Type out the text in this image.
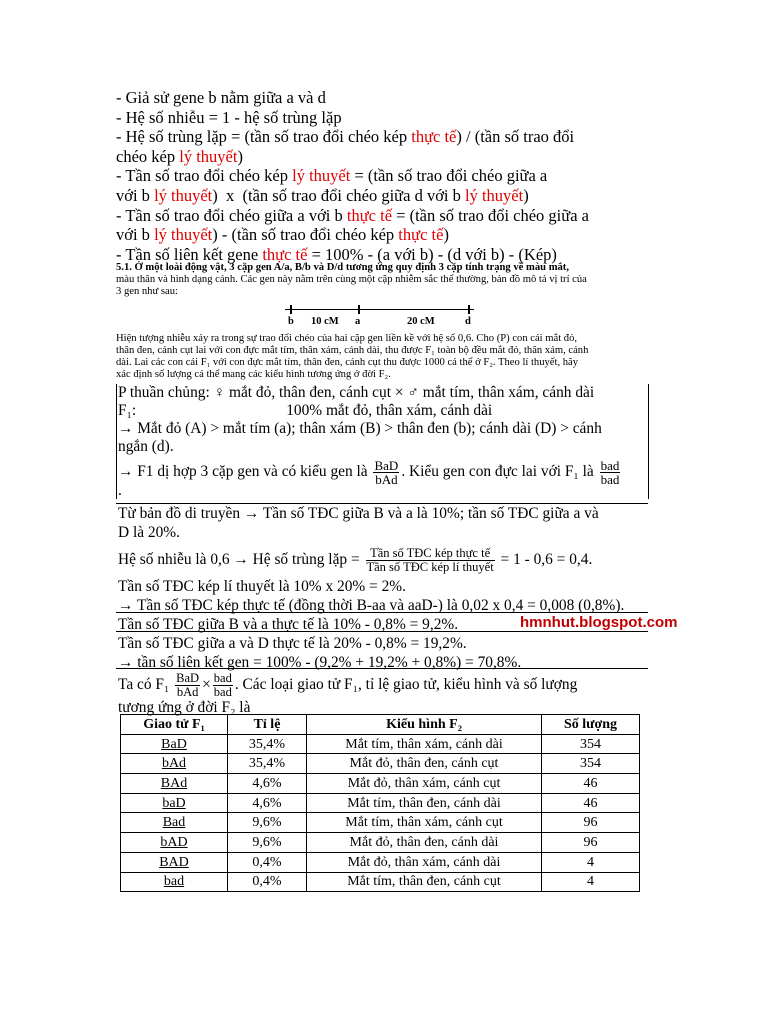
- Giả sử gene b nằm giữa a và d
- Hệ số nhiễu = 1 - hệ số trùng lặp
- Hệ số trùng lặp = (tần số trao đổi chéo kép thực tế) / (tần số trao đổi
chéo kép lý thuyết)
- Tần số trao đổi chéo kép lý thuyết = (tần số trao đổi chéo giữa a
với b lý thuyết)  x  (tần số trao đổi chéo giữa d với b lý thuyết)
- Tần số trao đổi chéo giữa a với b thực tế = (tần số trao đổi chéo giữa a
với b lý thuyết) - (tần số trao đổi chéo kép thực tế)
- Tần số liên kết gene thực tế = 100% - (a với b) - (d với b) - (Kép)
5.1. Ở một loài động vật, 3 cặp gen A/a, B/b và D/d tương ứng quy định 3 cặp tính trạng về màu mắt,
màu thân và hình dạng cánh. Các gen này nằm trên cùng một cặp nhiễm sắc thể thường, bản đồ mô tả vị trí của
3 gen như sau:
b 10 cM a	20 cM	d
Hiện tượng nhiễu xảy ra trong sự trao đổi chéo của hai cặp gen liền kề với hệ số 0,6. Cho (P) con cái mắt đỏ,
thân đen, cánh cụt lai với con đực mắt tím, thân xám, cánh dài, thu được F₁ toàn bộ đều mắt đỏ, thân xám, cánh
dài. Lai các con cái F₁ với con đực mắt tím, thân đen, cánh cụt thu được 1000 cá thể ở F₂. Theo lí thuyết, hãy
xác định số lượng cá thể mang các kiểu hình tương ứng ở đời F₂.
P thuần chủng: ♀ mắt đỏ, thân đen, cánh cụt × ♂ mắt tím, thân xám, cánh dài
F₁:	100% mắt đỏ, thân xám, cánh dài
→ Mắt đỏ (A) > mắt tím (a); thân xám (B) > thân đen (b); cánh dài (D) > cánh
ngắn (d).
→ F1 dị hợp 3 cặp gen và có kiểu gen là $\frac{\text{BaD}}{\text{bAd}}$ . Kiểu gen con đực lai với F₁ là $\frac{\text{bad}}{\text{bad}}$
.
Từ bản đồ di truyền → Tần số TĐC giữa B và a là 10%; tần số TĐC giữa a và
D là 20%.
Hệ số nhiễu là 0,6 → Hệ số trùng lặp = $\frac{\text{Tần số TĐC kép thực tế}}{\text{Tần số TĐC kép lí thuyết}} = 1 - 0,6 = 0,4$.
Tần số TĐC kép lí thuyết là 10% x 20% = 2%.
→ Tần số TĐC kép thực tế (đồng thời B-aa và aaD-) là 0,02 x 0,4 = 0,008 (0,8%).
Tần số TĐC giữa B và a thực tế là 10% - 0,8% = 9,2%.
Tần số TĐC giữa a và D thực tế là 20% - 0,8% = 19,2%.
→ tần số liên kết gen = 100% - (9,2% + 19,2% + 0,8%) = 70,8%.
hmnhut.blogspot.com
Ta có $F_1 \frac{\text{BaD}}{\text{bAd}} \times \frac{\text{bad}}{\text{bad}}$ . Các loại giao tử F₁, tỉ lệ giao tử, kiểu hình và số lượng
tương ứng ở đời F₂ là
Giao tử F₁	Tỉ lệ	Kiểu hình F₂	Số lượng
BaD	35,4%	Mắt tím, thân xám, cánh dài	354
bAd	35,4%	Mắt đỏ, thân đen, cánh cụt	354
BAd	4,6%	Mắt đỏ, thân xám, cánh cụt	46
baD	4,6%	Mắt tím, thân đen, cánh dài	46
Bad	9,6%	Mắt tím, thân xám, cánh cụt	96
bAD	9,6%	Mắt đỏ, thân đen, cánh dài	96
BAD	0,4%	Mắt đỏ, thân xám, cánh dài	4
bad	0,4%	Mắt tím, thân đen, cánh cụt	4
